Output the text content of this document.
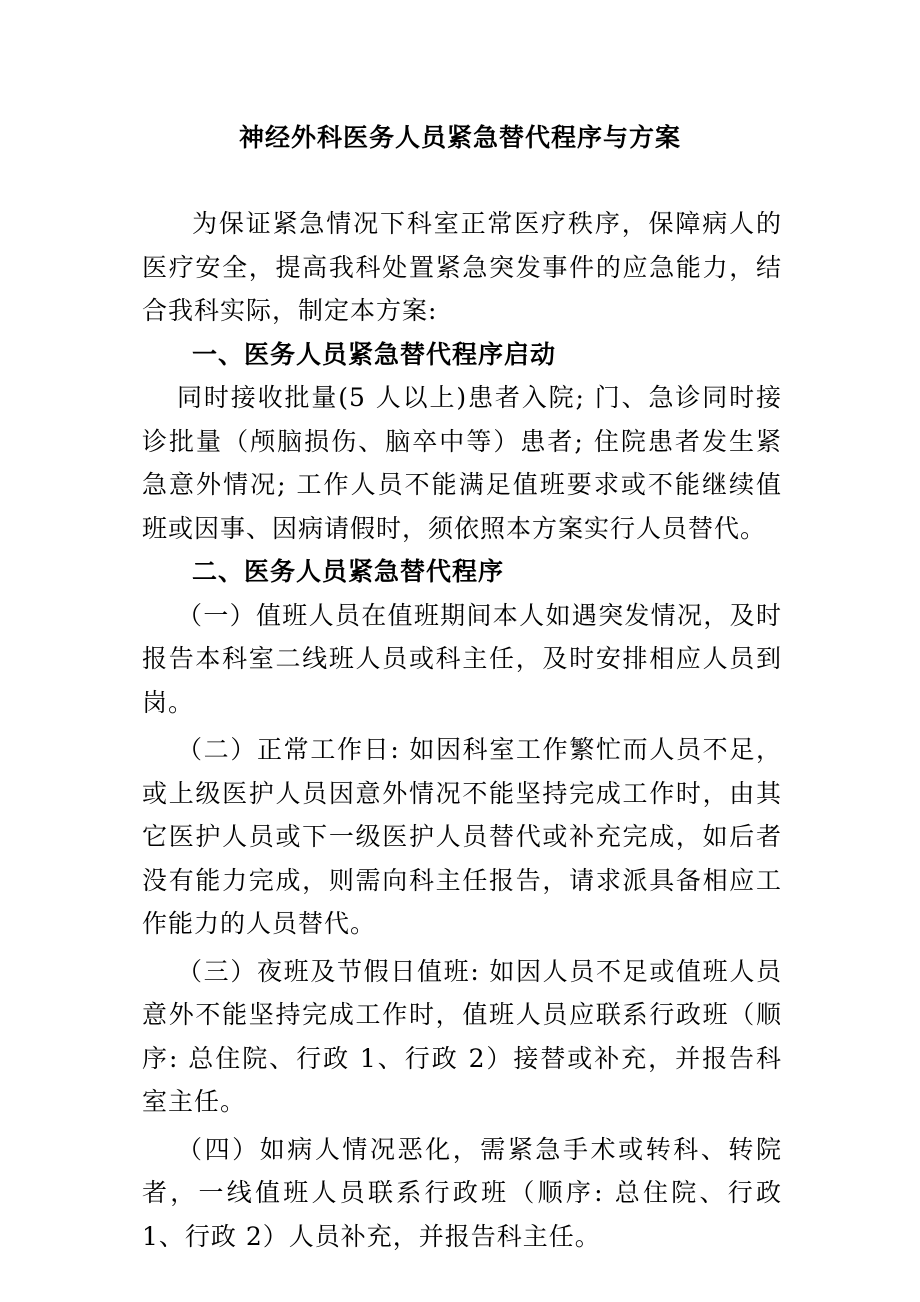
神经外科医务人员紧急替代程序与方案

为保证紧急情况下科室正常医疗秩序，保障病人的医疗安全，提高我科处置紧急突发事件的应急能力，结合我科实际，制定本方案:

一、医务人员紧急替代程序启动

同时接收批量(5 人以上)患者入院; 门、急诊同时接诊批量（颅脑损伤、脑卒中等）患者; 住院患者发生紧急意外情况; 工作人员不能满足值班要求或不能继续值班或因事、因病请假时，须依照本方案实行人员替代。

二、医务人员紧急替代程序

（一）值班人员在值班期间本人如遇突发情况，及时报告本科室二线班人员或科主任，及时安排相应人员到岗。

（二）正常工作日: 如因科室工作繁忙而人员不足，或上级医护人员因意外情况不能坚持完成工作时，由其它医护人员或下一级医护人员替代或补充完成，如后者没有能力完成，则需向科主任报告，请求派具备相应工作能力的人员替代。

（三）夜班及节假日值班: 如因人员不足或值班人员意外不能坚持完成工作时，值班人员应联系行政班（顺序: 总住院、行政 1、行政 2）接替或补充，并报告科室主任。

（四）如病人情况恶化，需紧急手术或转科、转院者，一线值班人员联系行政班（顺序: 总住院、行政 1、行政 2）人员补充，并报告科主任。
